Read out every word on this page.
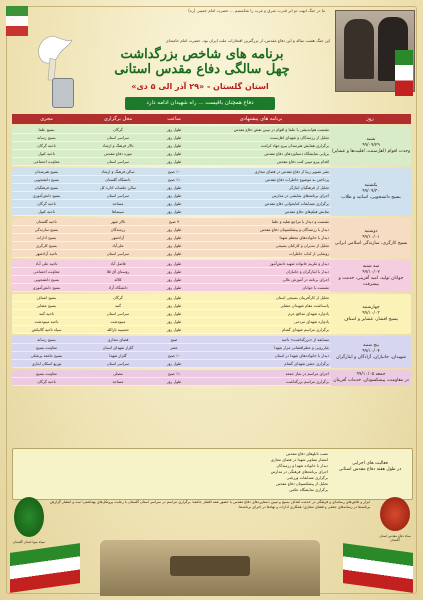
ما در جنگ ابهت دو ابر قدرت شرق و غرب را شکستیم ... حضرت امام خمینی (ره)
این جنگ هشت ساله و این دفاع مقدس، از بزرگترین افتخارات ملت ایران بود. حضرت امام خامنه‌ای
برنامه های شاخص بزرگداشت
چهل سالگی دفاع مقدس استانی
استان گلستان - «۲۹ آذر الی ۵ دی»
دفاع همچنان باقیست ... راه شهیدان ادامه دارد
روز
برنامه های پیشنهادی
ساعت
محل برگزاری
مجری
شنبه
۹۹/۰۹/۲۹
وحدت اقوام (اهل‌سنت، اقلیت‌ها و عشایر)
نشست هم‌اندیشی با علما و اقوام در تبیین نقش دفاع مقدس
طول روز
گرگان
بسیج علما
تجلیل از رزمندگان و شهدای اهل‌سنت
طول روز
سراسر استان
بسیج رسانه
برگزاری همایش هنرمندان پیرو جهاد کرامت
طول روز
تالار فرهنگ و ارشاد
ناحیه گرگان
برپایی نمایشگاه دستاوردهای دفاع مقدس
طول روز
موزه دفاع مقدس
ناحیه کتول
اقدام پیرو تبیین کتب دفاع مقدس
طول روز
سراسر استان
معاونت اجتماعی
یکشنبه
۹۹/۰۹/۳۰
بسیج دانشجویی، اساتید و طلاب
نشر تصویر زیبا از دفاع مقدس در فضای مجازی
۱۰ صبح
سالن فرهنگ و ارشاد
بسیج هنرمندان
پرداختن به موضوع خاطرات دفاع مقدس
۱۱ صبح
دانشگاه گلستان
بسیج دانشجویی
تجلیل از فرهنگیان ایثارگر
طول روز
سالن جلسات اداره کل
بسیج فرهنگیان
اجرای برنامه‌های نمایشی در مدارس
طول روز
سراسر استان
بسیج دانش‌آموزی
برگزاری مسابقات کتابخوانی دفاع مقدس
طول روز
مساجد
ناحیه گرگان
نمایش فیلم‌های دفاع مقدس
طول روز
سینماها
ناحیه کتول
دوشنبه
۹۹/۱۰/۰۱
بسیج کارگری، سازندگی اسلامی ایرانی
نشست و دیدار با مراجع تقلید و علما
۹ صبح
تالار شهر
ناحیه گلستان
دیدار با رزمندگان و پیشکسوتان دفاع مقدس
طول روز
رزمندگان
بسیج سازندگی
دیدار با خانواده‌های معظم شهدا
طول روز
آزادشهر
بسیج ادارات
تجلیل از مدیران و کارکنان بسیجی
طول روز
علی‌آباد
بسیج کارگری
رونمایی از کتاب خاطرات
طول روز
سراسر استان
ناحیه آزادشهر
سه شنبه
۹۹/۱۰/۰۲
جوانان تولید، امید آفرینی، خدمت و پیشرفت
دیدار و تکریم خانواده شهید دانش‌آموز
طول روز
فاضل آباد
ناحیه علی آباد
دیدار با ایثارگران و جانبازان
طول روز
روستای آق قلا
معاونت اجتماعی
اجرای برنامه در آموزش عالی
طول روز
کلاله
بسیج دانشجویی
نشست با جوانان
طول روز
دانشگاه آزاد
بسیج دانش‌آموزی
چهارشنبه
۹۹/۱۰/۰۳
بسیج اقشار، عشایر و اصناف
تجلیل از کارآفرینان بسیجی استان
طول روز
گرگان
بسیج اصناف
پاسداشت مقام شهیدان عشایر
طول روز
گنبد
بسیج عشایر
یادواره شهدای مدافع حرم
طول روز
سراسر استان
ناحیه گنبد
یادواره شهدای مردمی
طول روز
مینودشت
ناحیه مینودشت
برگزاری مراسم شهدای گمنام
طول روز
حسینیه ثارالله
سپاه ناحیه گالیکش
پنج شنبه
۹۹/۱۰/۰۴
شهیدان، جانبازان، آزادگان و ایثارگران
مسابقه از «بزرگداشت» ناحیه
صبح
فضای مجازی
بسیج رسانه
غبارروبی و عطرافشانی مزار شهدا
عصر
گلزار شهدای استان
معاونت بسیج
دیدار با خانواده‌های شهدا در استان
۱۰ صبح
گلزار شهدا
بسیج جامعه پزشکی
برگزاری جشن شهدای گمنام
طول روز
سراسر استان
توزیع اسکان ایثاری
جمعه ۹۹/۱۰/۰۵
در مقاومت، پیشکسوتان، خدمات آفرینان
اجرای مراسم در نماز جمعه
۱۱ صبح
مصلی
معاونت بسیج
برگزاری مراسم بزرگداشت
طول روز
مساجد
ناحیه گرگان
فعالیت های اجرایی
در طول هفته دفاع مقدس استانی
نصب تابلوهای دفاع مقدس
انتشار تصاویر شهدا در فضای مجازی
دیدار با خانواده شهدا و رزمندگان
اجرای برنامه‌های فرهنگی در مدارس
برگزاری مسابقات ورزشی
تجلیل از پیشکسوتان دفاع مقدس
برگزاری نمایشگاه عکس
سپاه نینوا استان گلستان
ستاد دفاع مقدس استان گلستان
ابزار و تلاش‌های رسانه‌ای و فرهنگی در خدمت اهداف بسیج و تبیین دستاوردهای دفاع مقدس با حضور همه اقشار جامعه؛ برگزاری مراسم در سراسر استان گلستان با رعایت پروتکل‌های بهداشتی؛ ثبت و انتشار گزارش برنامه‌ها در رسانه‌های جمعی و فضای مجازی؛ همکاری ادارات و نهادها در اجرای برنامه‌ها.
